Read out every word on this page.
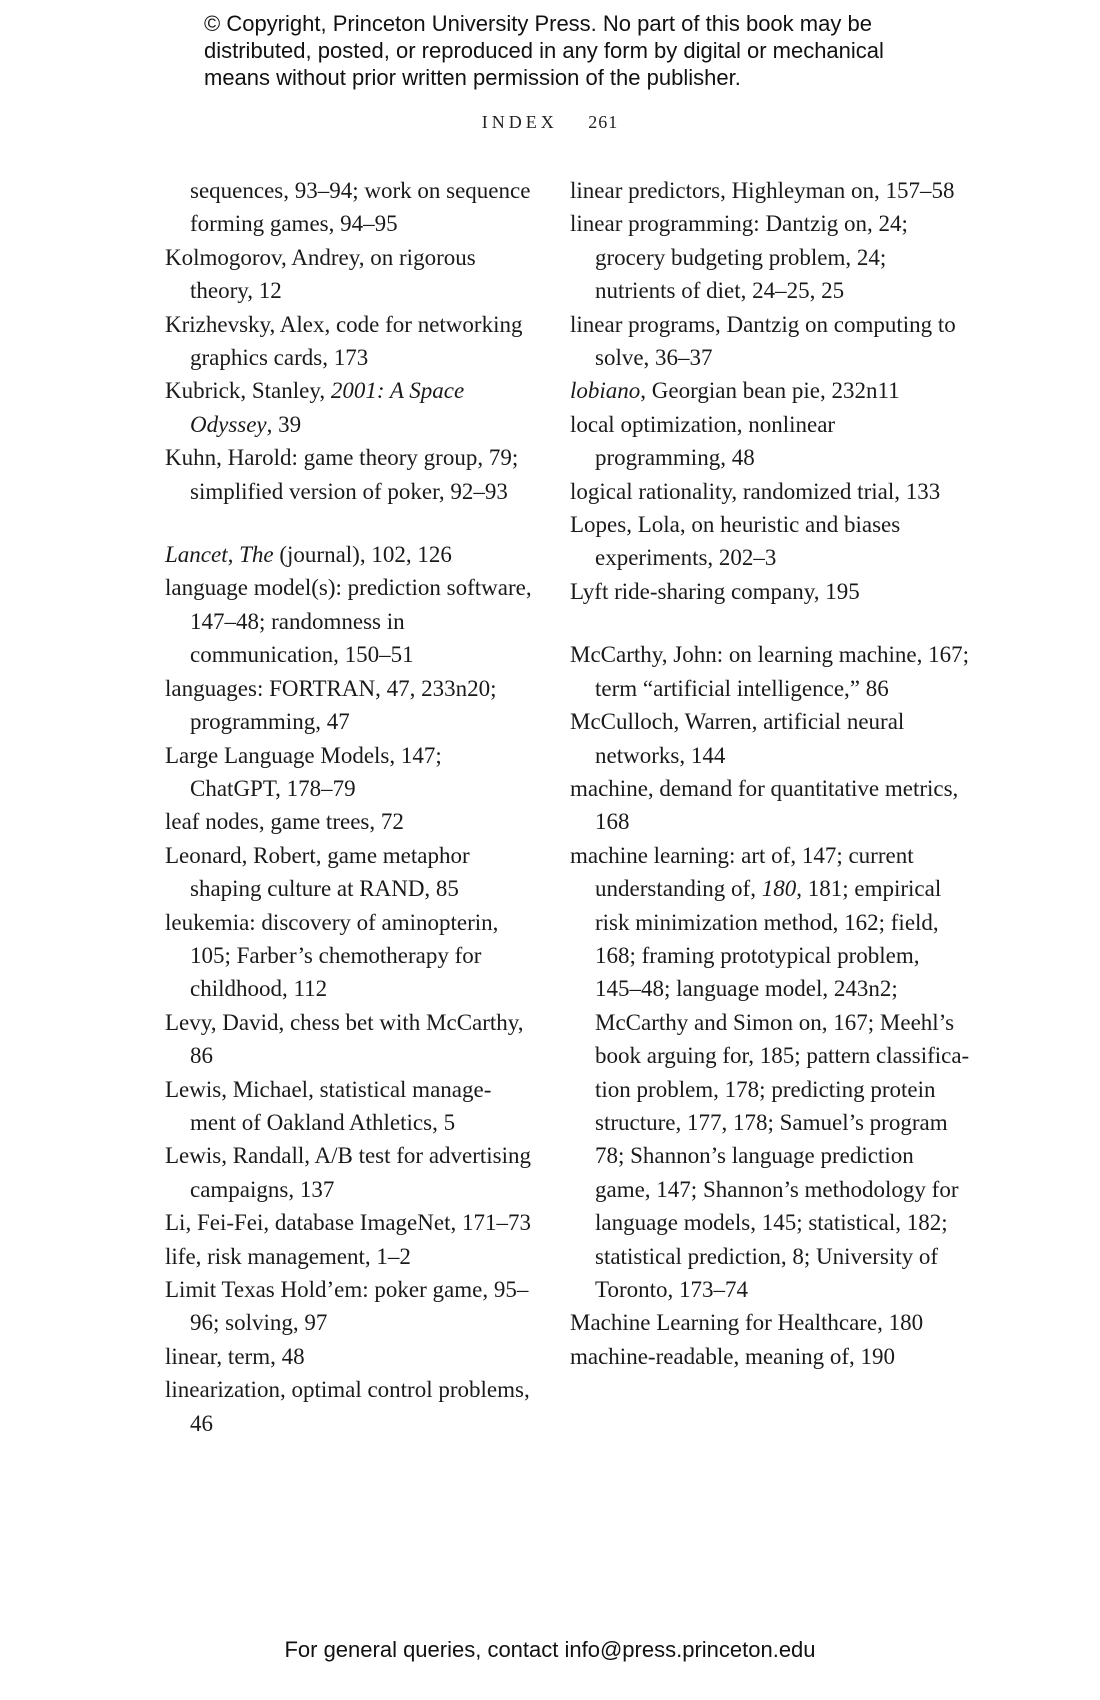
© Copyright, Princeton University Press. No part of this book may be distributed, posted, or reproduced in any form by digital or mechanical means without prior written permission of the publisher.
INDEX 261

sequences, 93–94; work on sequence forming games, 94–95

Kolmogorov, Andrey, on rigorous theory, 12

Krizhevsky, Alex, code for networking graphics cards, 173

Kubrick, Stanley, 2001: A Space Odyssey, 39

Kuhn, Harold: game theory group, 79; simplified version of poker, 92–93

Lancet, The (journal), 102, 126

language model(s): prediction software, 147–48; randomness in communication, 150–51

languages: FORTRAN, 47, 233n20; programming, 47

Large Language Models, 147; ChatGPT, 178–79

leaf nodes, game trees, 72

Leonard, Robert, game metaphor shaping culture at RAND, 85

leukemia: discovery of aminopterin, 105; Farber’s chemotherapy for childhood, 112

Levy, David, chess bet with McCarthy, 86

Lewis, Michael, statistical manage-ment of Oakland Athletics, 5

Lewis, Randall, A/B test for advertising campaigns, 137

Li, Fei-Fei, database ImageNet, 171–73

life, risk management, 1–2

Limit Texas Hold’em: poker game, 95–96; solving, 97

linear, term, 48

linearization, optimal control problems, 46

linear predictors, Highleyman on, 157–58

linear programming: Dantzig on, 24; grocery budgeting problem, 24; nutrients of diet, 24–25, 25

linear programs, Dantzig on computing to solve, 36–37

lobiano, Georgian bean pie, 232n11

local optimization, nonlinear programming, 48

logical rationality, randomized trial, 133

Lopes, Lola, on heuristic and biases experiments, 202–3

Lyft ride-sharing company, 195

McCarthy, John: on learning machine, 167; term “artificial intelligence,” 86

McCulloch, Warren, artificial neural networks, 144

machine, demand for quantitative metrics, 168

machine learning: art of, 147; current understanding of, 180, 181; empirical risk minimization method, 162; field, 168; framing prototypical problem, 145–48; language model, 243n2; McCarthy and Simon on, 167; Meehl’s book arguing for, 185; pattern classifica-tion problem, 178; predicting protein structure, 177, 178; Samuel’s program 78; Shannon’s language prediction game, 147; Shannon’s methodology for language models, 145; statistical, 182; statistical prediction, 8; University of Toronto, 173–74

Machine Learning for Healthcare, 180

machine-readable, meaning of, 190

For general queries, contact info@press.princeton.edu
